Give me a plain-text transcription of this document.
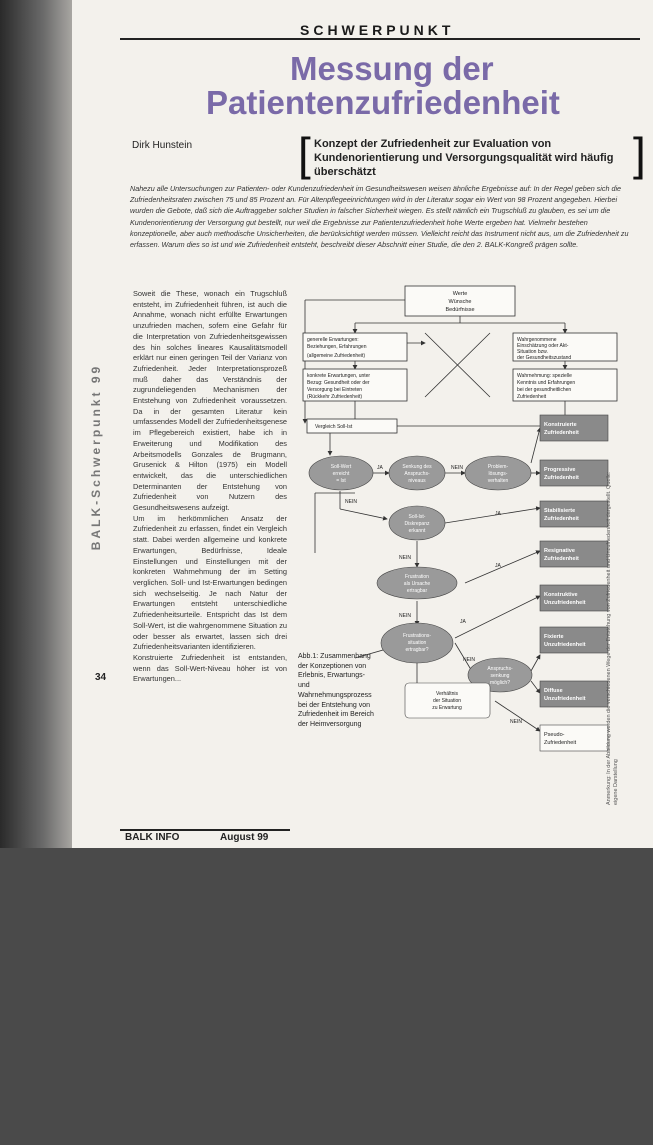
SCHWERPUNKT
Messung der
Patientenzufriedenheit
Dirk Hunstein [ Konzept der Zufriedenheit zur Evaluation von Kundenorientierung und Versorgungsqualität wird häufig überschätzt	]
Nahezu alle Untersuchungen zur Patienten- oder Kundenzufriedenheit im Gesundheitswesen weisen ähnliche Ergebnisse auf: In der Regel geben sich die Zufriedenheitsraten zwischen 75 und 85 Prozent an. Für Altenpflegeeinrichtungen wird in der Literatur sogar ein Wert von 98 Prozent angegeben. Hierbei wurden die Gebote, daß sich die Auftraggeber solcher Studien in falscher Sicherheit wiegen. Es stellt nämlich ein Trugschluß zu glauben, es sei um die Kundenorientierung der Versorgung gut bestellt, nur weil die Ergebnisse zur Patientenzufriedenheit hohe Werte ergeben hat. Vielmehr bestehen konzeptionelle, aber auch methodische Unsicherheiten, die berücksichtigt werden müssen. Vielleicht reicht das Instrument nicht aus, um die Zufriedenheit zu erfassen. Warum dies so ist und wie Zufriedenheit entsteht, beschreibt dieser Abschnitt einer Studie, die den 2. BALK-Kongreß prägen sollte.
BALK-Schwerpunkt 99
34

Soweit die These, wonach ein Trugschluß entsteht, im Zufriedenheit führen, ist auch die Annahme, wonach nicht erfüllte Erwartungen unzufrieden machen, sofern eine Gefahr für die Interpretation von Zufriedenheitsgewissen des hin solches lineares Kausalitätsmodell erklärt nur einen geringen Teil der Varianz von Zufriedenheit. Jeder Interpretationsprozeß muß daher das Verständnis der zugrundeliegenden Mechanismen der Entstehung von Zufriedenheit voraussetzen. Da in der gesamten Literatur kein umfassendes Modell der Zufriedenheitsgenese im Pflegebereich existiert, habe ich in Erweiterung und Modifikation des Arbeitsmodells Gonzales de Brugmann, Grusenick & Hilton (1975) ein Modell entwickelt, das die unterschiedlichen Determinanten der Entstehung von Zufriedenheit von Nutzern des Gesundheitswesens aufzeigt.

Um im herkömmlichen Ansatz der Zufriedenheit zu erfassen, findet ein Vergleich statt. Dabei werden allgemeine und konkrete Erwartungen, Bedürfnisse, Ideale Einstellungen und Einstellungen mit der konkreten Wahrnehmung der im Setting verglichen. Soll- und Ist-Erwartungen bedingen sich wechselseitig. Je nach Natur der Erwartungen entsteht unterschiedliche Zufriedenheitsurteile. Entspricht das Ist dem Soll-Wert, ist die wahrgenommene Situation zu oder besser als erwartet, lassen sich drei Zufriedenheitsvarianten identifizieren.

Konstruierte Zufriedenheit ist entstanden, wenn das Soll-Wert-Niveau höher ist von Erwartungen...

Werte
Wünsche
Bedürfnisse
generelle Erwartungen:
Beziehungen, Erfahrungen
(allgemeine Zufriedenheit)
Wahrgenommene
Einschätzung oder Akt-
Situation bzw.
der Gesundheitszustand
konkrete Erwartungen, unter
Bezug: Gesundheit oder der
Versorgung bei Eintreten
(Rückkehr Zufriedenheit)
Wahrnehmung: spezielle
Kenntnis und Erfahrungen
bei der gesundheitlichen
Zufriedenheit
Vergleich Soll-Ist
Soll-Wert
erreicht
= Ist
Senkung des
Anspruchs-
niveaus
Problem-
lösungs-
verhalten
Soll-Ist-
Diskrepanz
erkannt
Frustration
als Ursache
ertragbar
Frustrations-
situation
ertragbar?
Anspruchs-
senkung
möglich?
Verhältnis
der Situation
zu Erwartung
Konstruierte
Zufriedenheit
Progressive
Zufriedenheit
Stabilisierte
Zufriedenheit
Resignative
Zufriedenheit
Konstruktive
Unzufriedenheit
Fixierte
Unzufriedenheit
Diffuse
Unzufriedenheit
Pseudo-
Zufriedenheit
JA	NEIN
NEIN
JA
NEIN
JA
NEIN
JA
NEIN
NEIN
Abb.1: Zusammenhang der Konzeptionen von Erlebnis, Erwartungs- und Wahrnehmungsprozess bei der Entstehung von Zufriedenheit im Bereich der Heimversorgung	Anmerkung: In der Abbildung werden die verschiedenen Wege der Entstehung von Zufriedenheit und Unzufriedenheit dargestellt. Quelle: eigene Darstellung
BALK INFO	August 99
